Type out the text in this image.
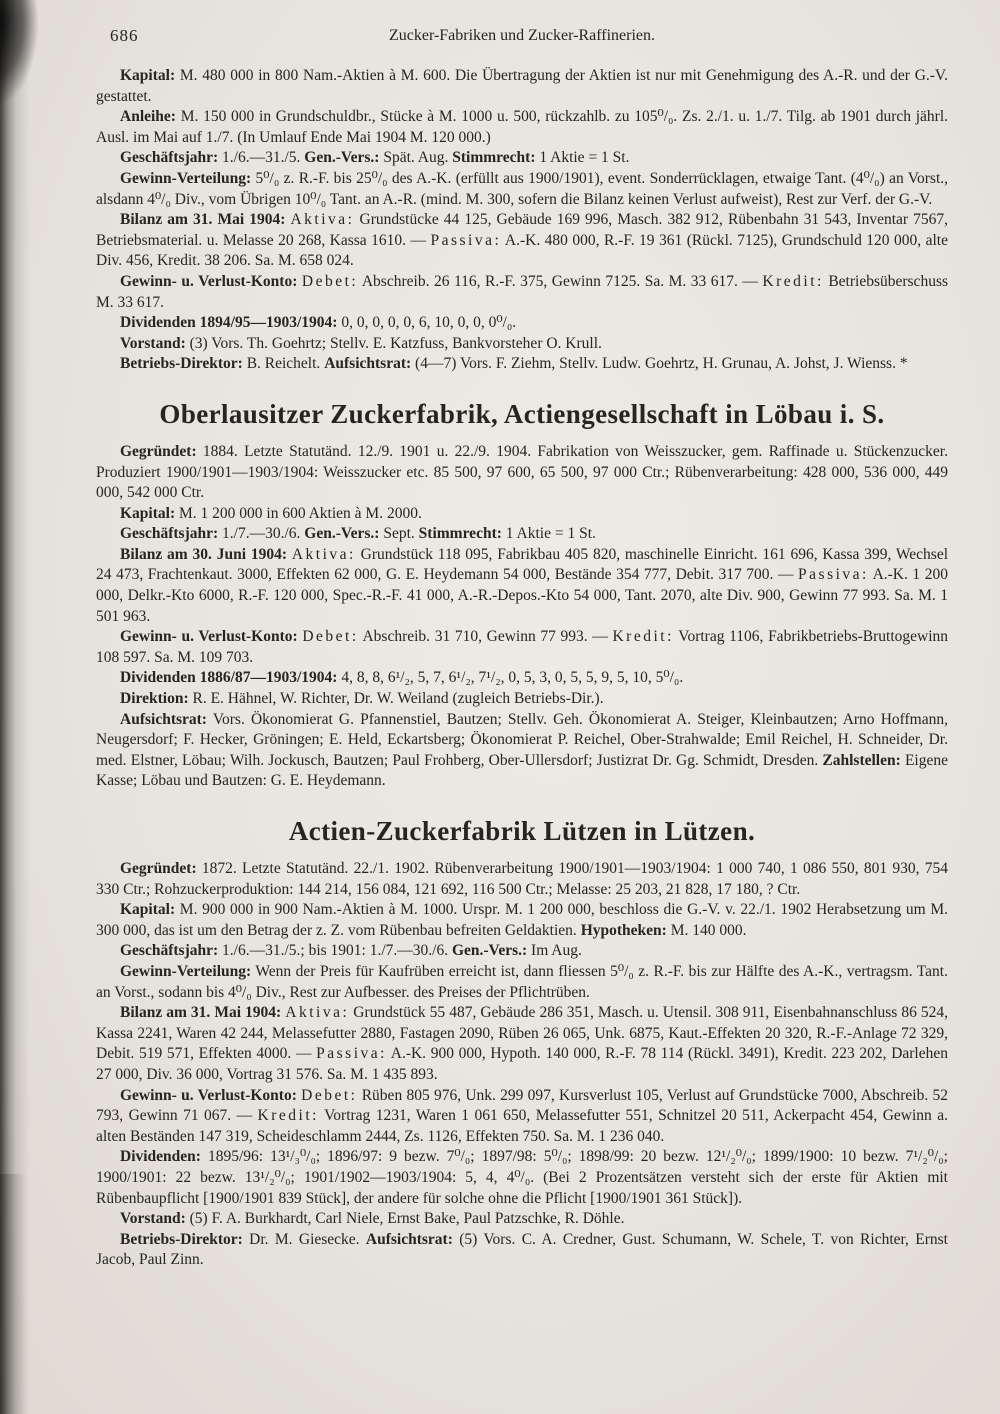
686	Zucker-Fabriken und Zucker-Raffinerien.

Kapital: M. 480 000 in 800 Nam.-Aktien à M. 600. Die Übertragung der Aktien ist nur mit Genehmigung des A.-R. und der G.-V. gestattet.

Anleihe: M. 150 000 in Grundschuldbr., Stücke à M. 1000 u. 500, rückzahlb. zu 105⁰/₀. Zs. 2./1. u. 1./7. Tilg. ab 1901 durch jährl. Ausl. im Mai auf 1./7. (In Umlauf Ende Mai 1904 M. 120 000.)

Geschäftsjahr: 1./6.—31./5. Gen.-Vers.: Spät. Aug. Stimmrecht: 1 Aktie = 1 St.

Gewinn-Verteilung: 5⁰/₀ z. R.-F. bis 25⁰/₀ des A.-K. (erfüllt aus 1900/1901), event. Sonderrücklagen, etwaige Tant. (4⁰/₀) an Vorst., alsdann 4⁰/₀ Div., vom Übrigen 10⁰/₀ Tant. an A.-R. (mind. M. 300, sofern die Bilanz keinen Verlust aufweist), Rest zur Verf. der G.-V.

Bilanz am 31. Mai 1904: Aktiva: Grundstücke 44 125, Gebäude 169 996, Masch. 382 912, Rübenbahn 31 543, Inventar 7567, Betriebsmaterial. u. Melasse 20 268, Kassa 1610. — Passiva: A.-K. 480 000, R.-F. 19 361 (Rückl. 7125), Grundschuld 120 000, alte Div. 456, Kredit. 38 206. Sa. M. 658 024.

Gewinn- u. Verlust-Konto: Debet: Abschreib. 26 116, R.-F. 375, Gewinn 7125. Sa. M. 33 617. — Kredit: Betriebsüberschuss M. 33 617.

Dividenden 1894/95—1903/1904: 0, 0, 0, 0, 0, 6, 10, 0, 0, 0⁰/₀.

Vorstand: (3) Vors. Th. Goehrtz; Stellv. E. Katzfuss, Bankvorsteher O. Krull.

Betriebs-Direktor: B. Reichelt. Aufsichtsrat: (4—7) Vors. F. Ziehm, Stellv. Ludw. Goehrtz, H. Grunau, A. Johst, J. Wienss. *

Oberlausitzer Zuckerfabrik, Actiengesellschaft in Löbau i. S.

Gegründet: 1884. Letzte Statutänd. 12./9. 1901 u. 22./9. 1904. Fabrikation von Weisszucker, gem. Raffinade u. Stückenzucker. Produziert 1900/1901—1903/1904: Weisszucker etc. 85 500, 97 600, 65 500, 97 000 Ctr.; Rübenverarbeitung: 428 000, 536 000, 449 000, 542 000 Ctr.

Kapital: M. 1 200 000 in 600 Aktien à M. 2000.

Geschäftsjahr: 1./7.—30./6. Gen.-Vers.: Sept. Stimmrecht: 1 Aktie = 1 St.

Bilanz am 30. Juni 1904: Aktiva: Grundstück 118 095, Fabrikbau 405 820, maschinelle Einricht. 161 696, Kassa 399, Wechsel 24 473, Frachtenkaut. 3000, Effekten 62 000, G. E. Heydemann 54 000, Bestände 354 777, Debit. 317 700. — Passiva: A.-K. 1 200 000, Delkr.-Kto 6000, R.-F. 120 000, Spec.-R.-F. 41 000, A.-R.-Depos.-Kto 54 000, Tant. 2070, alte Div. 900, Gewinn 77 993. Sa. M. 1 501 963.

Gewinn- u. Verlust-Konto: Debet: Abschreib. 31 710, Gewinn 77 993. — Kredit: Vortrag 1106, Fabrikbetriebs-Bruttogewinn 108 597. Sa. M. 109 703.

Dividenden 1886/87—1903/1904: 4, 8, 8, 6¹/₂, 5, 7, 6¹/₂, 7¹/₂, 0, 5, 3, 0, 5, 5, 9, 5, 10, 5⁰/₀.

Direktion: R. E. Hähnel, W. Richter, Dr. W. Weiland (zugleich Betriebs-Dir.).

Aufsichtsrat: Vors. Ökonomierat G. Pfannenstiel, Bautzen; Stellv. Geh. Ökonomierat A. Steiger, Kleinbautzen; Arno Hoffmann, Neugersdorf; F. Hecker, Gröningen; E. Held, Eckartsberg; Ökonomierat P. Reichel, Ober-Strahwalde; Emil Reichel, H. Schneider, Dr. med. Elstner, Löbau; Wilh. Jockusch, Bautzen; Paul Frohberg, Ober-Ullersdorf; Justizrat Dr. Gg. Schmidt, Dresden. Zahlstellen: Eigene Kasse; Löbau und Bautzen: G. E. Heydemann.

Actien-Zuckerfabrik Lützen in Lützen.

Gegründet: 1872. Letzte Statutänd. 22./1. 1902. Rübenverarbeitung 1900/1901—1903/1904: 1 000 740, 1 086 550, 801 930, 754 330 Ctr.; Rohzuckerproduktion: 144 214, 156 084, 121 692, 116 500 Ctr.; Melasse: 25 203, 21 828, 17 180, ? Ctr.

Kapital: M. 900 000 in 900 Nam.-Aktien à M. 1000. Urspr. M. 1 200 000, beschloss die G.-V. v. 22./1. 1902 Herabsetzung um M. 300 000, das ist um den Betrag der z. Z. vom Rübenbau befreiten Geldaktien. Hypotheken: M. 140 000.

Geschäftsjahr: 1./6.—31./5.; bis 1901: 1./7.—30./6. Gen.-Vers.: Im Aug.

Gewinn-Verteilung: Wenn der Preis für Kaufrüben erreicht ist, dann fliessen 5⁰/₀ z. R.-F. bis zur Hälfte des A.-K., vertragsm. Tant. an Vorst., sodann bis 4⁰/₀ Div., Rest zur Aufbesser. des Preises der Pflichtrüben.

Bilanz am 31. Mai 1904: Aktiva: Grundstück 55 487, Gebäude 286 351, Masch. u. Utensil. 308 911, Eisenbahnanschluss 86 524, Kassa 2241, Waren 42 244, Melassefutter 2880, Fastagen 2090, Rüben 26 065, Unk. 6875, Kaut.-Effekten 20 320, R.-F.-Anlage 72 329, Debit. 519 571, Effekten 4000. — Passiva: A.-K. 900 000, Hypoth. 140 000, R.-F. 78 114 (Rückl. 3491), Kredit. 223 202, Darlehen 27 000, Div. 36 000, Vortrag 31 576. Sa. M. 1 435 893.

Gewinn- u. Verlust-Konto: Debet: Rüben 805 976, Unk. 299 097, Kursverlust 105, Verlust auf Grundstücke 7000, Abschreib. 52 793, Gewinn 71 067. — Kredit: Vortrag 1231, Waren 1 061 650, Melassefutter 551, Schnitzel 20 511, Ackerpacht 454, Gewinn a. alten Beständen 147 319, Scheideschlamm 2444, Zs. 1126, Effekten 750. Sa. M. 1 236 040.

Dividenden: 1895/96: 13¹/₃⁰/₀; 1896/97: 9 bezw. 7⁰/₀; 1897/98: 5⁰/₀; 1898/99: 20 bezw. 12¹/₂⁰/₀; 1899/1900: 10 bezw. 7¹/₂⁰/₀; 1900/1901: 22 bezw. 13¹/₂⁰/₀; 1901/1902—1903/1904: 5, 4, 4⁰/₀. (Bei 2 Prozentsätzen versteht sich der erste für Aktien mit Rübenbaupflicht [1900/1901 839 Stück], der andere für solche ohne die Pflicht [1900/1901 361 Stück]).

Vorstand: (5) F. A. Burkhardt, Carl Niele, Ernst Bake, Paul Patzschke, R. Döhle.

Betriebs-Direktor: Dr. M. Giesecke. Aufsichtsrat: (5) Vors. C. A. Credner, Gust. Schumann, W. Schele, T. von Richter, Ernst Jacob, Paul Zinn.
